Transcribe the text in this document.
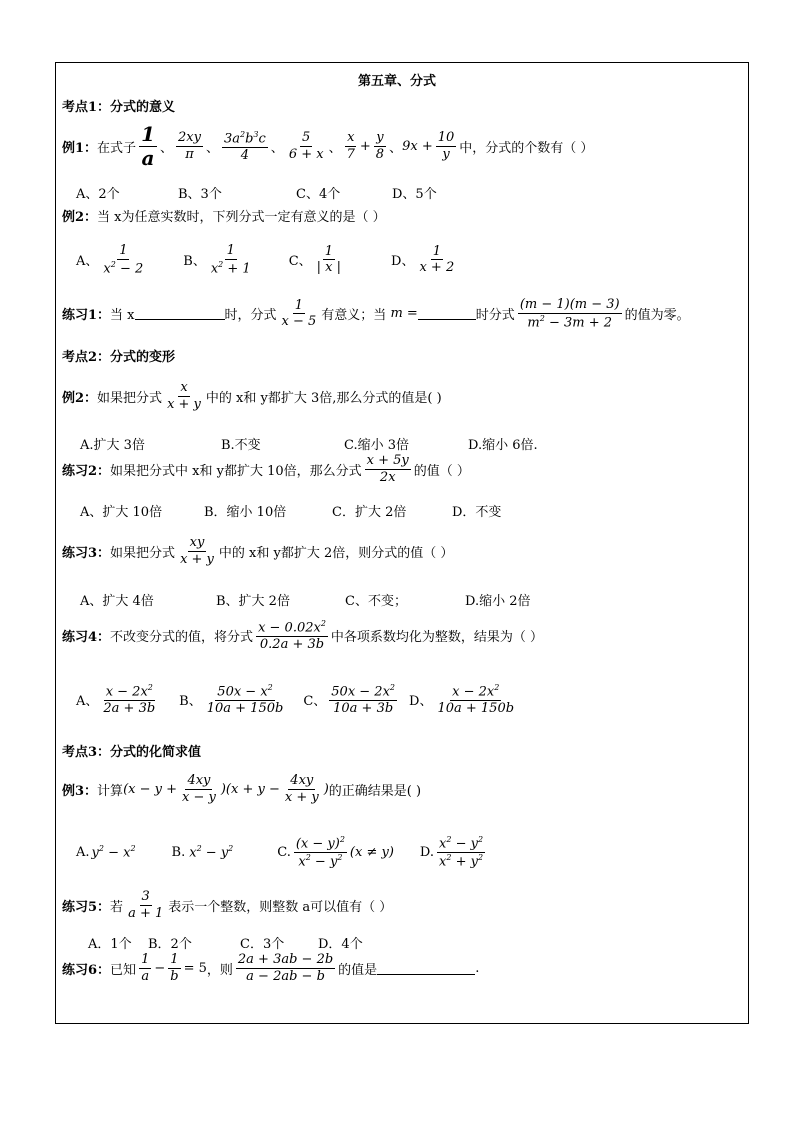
第五章、分式
考点1：分式的意义
例1： 在式子 $\frac{1}{a}$ 、 $\frac{2xy}{\pi}$ 、 $\frac{3a^2b^3c}{4}$ 、 $\frac{5}{6 + x}$ 、 $\frac{x}{7} + \frac{y}{8}$ 、 $9x + \frac{10}{y}$ 中，分式的个数有（ ）
A、2个	B、3个	C、4个	D、5个
例2： 当 x为任意实数时，下列分式一定有意义的是（ ）
A、 $\frac{1}{x^2 - 2}$	B、 $\frac{1}{x^2 + 1}$	C、 $\frac{1}{| x |}$	D、 $\frac{1}{x + 2}$
练习1： 当 x	时，分式 $\frac{1}{x - 5}$ 有意义；当 m =	时分式 $\frac{(m - 1)(m - 3)}{m^2 - 3m + 2}$ 的值为零。
考点2：分式的变形
例2： 如果把分式 $\frac{x}{x + y}$ 中的 x和 y都扩大 3倍,那么分式的值是( )
A.扩大 3倍	B.不变	C.缩小 3倍	D.缩小 6倍.
练习2： 如果把分式中 x和 y都扩大 10倍，那么分式 $\frac{x + 5y}{2x}$ 的值（ ）
A、扩大 10倍	B．缩小 10倍	C．扩大 2倍	D．不变
练习3： 如果把分式 $\frac{xy}{x + y}$ 中的 x和 y都扩大 2倍，则分式的值（ ）
A、扩大 4倍	B、扩大 2倍	C、不变；	D.缩小 2倍
练习4： 不改变分式的值，将分式 $\frac{x - 0.02x^2}{0.2a + 3b}$ 中各项系数均化为整数，结果为（ ）
A、 $\frac{x - 2x^2}{2a + 3b}$ B、 $\frac{50x - x^2}{10a + 150b}$ C、 $\frac{50x - 2x^2}{10a + 3b}$ D、 $\frac{x - 2x^2}{10a + 150b}$
考点3：分式的化简求值
例3： 计算 $(x - y + \frac{4xy}{x - y} )(x + y - \frac{4xy}{x + y}$ ) 的正确结果是( )
A. $y^2 - x^2$	B. $x^2 - y^2$	C. $\frac{(x - y)^2}{x^2 - y^2} (x \ne y)$	D. $\frac{x^2 - y^2}{x^2 + y^2}$
练习5： 若 $\frac{3}{a + 1}$ 表示一个整数，则整数 a可以值有（ ）
A．1个	B．2个	C．3个	D．4个
练习6： 已知 $\frac{1}{a} - \frac{1}{b} = 5$ ，则 $\frac{2a + 3ab - 2b}{a - 2ab - b}$ 的值是	.
